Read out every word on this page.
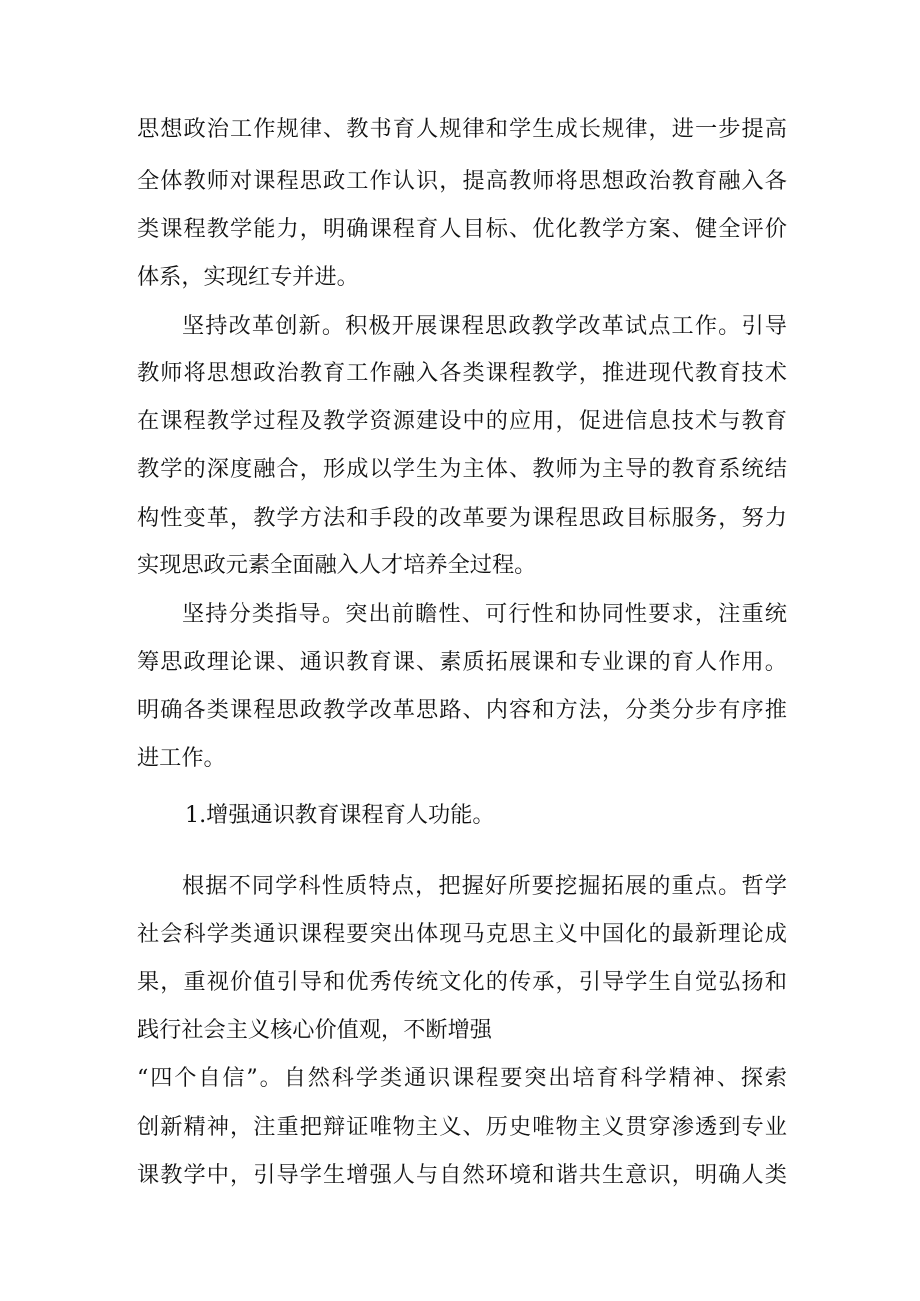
思想政治工作规律、教书育人规律和学生成长规律，进一步提高
全体教师对课程思政工作认识，提高教师将思想政治教育融入各
类课程教学能力，明确课程育人目标、优化教学方案、健全评价
体系，实现红专并进。
坚持改革创新。积极开展课程思政教学改革试点工作。引导
教师将思想政治教育工作融入各类课程教学，推进现代教育技术
在课程教学过程及教学资源建设中的应用，促进信息技术与教育
教学的深度融合，形成以学生为主体、教师为主导的教育系统结
构性变革，教学方法和手段的改革要为课程思政目标服务，努力
实现思政元素全面融入人才培养全过程。
坚持分类指导。突出前瞻性、可行性和协同性要求，注重统
筹思政理论课、通识教育课、素质拓展课和专业课的育人作用。
明确各类课程思政教学改革思路、内容和方法，分类分步有序推
进工作。
1.增强通识教育课程育人功能。
根据不同学科性质特点，把握好所要挖掘拓展的重点。哲学
社会科学类通识课程要突出体现马克思主义中国化的最新理论成
果，重视价值引导和优秀传统文化的传承，引导学生自觉弘扬和
践行社会主义核心价值观，不断增强
“四个自信”。自然科学类通识课程要突出培育科学精神、探索
创新精神，注重把辩证唯物主义、历史唯物主义贯穿渗透到专业
课教学中，引导学生增强人与自然环境和谐共生意识，明确人类
